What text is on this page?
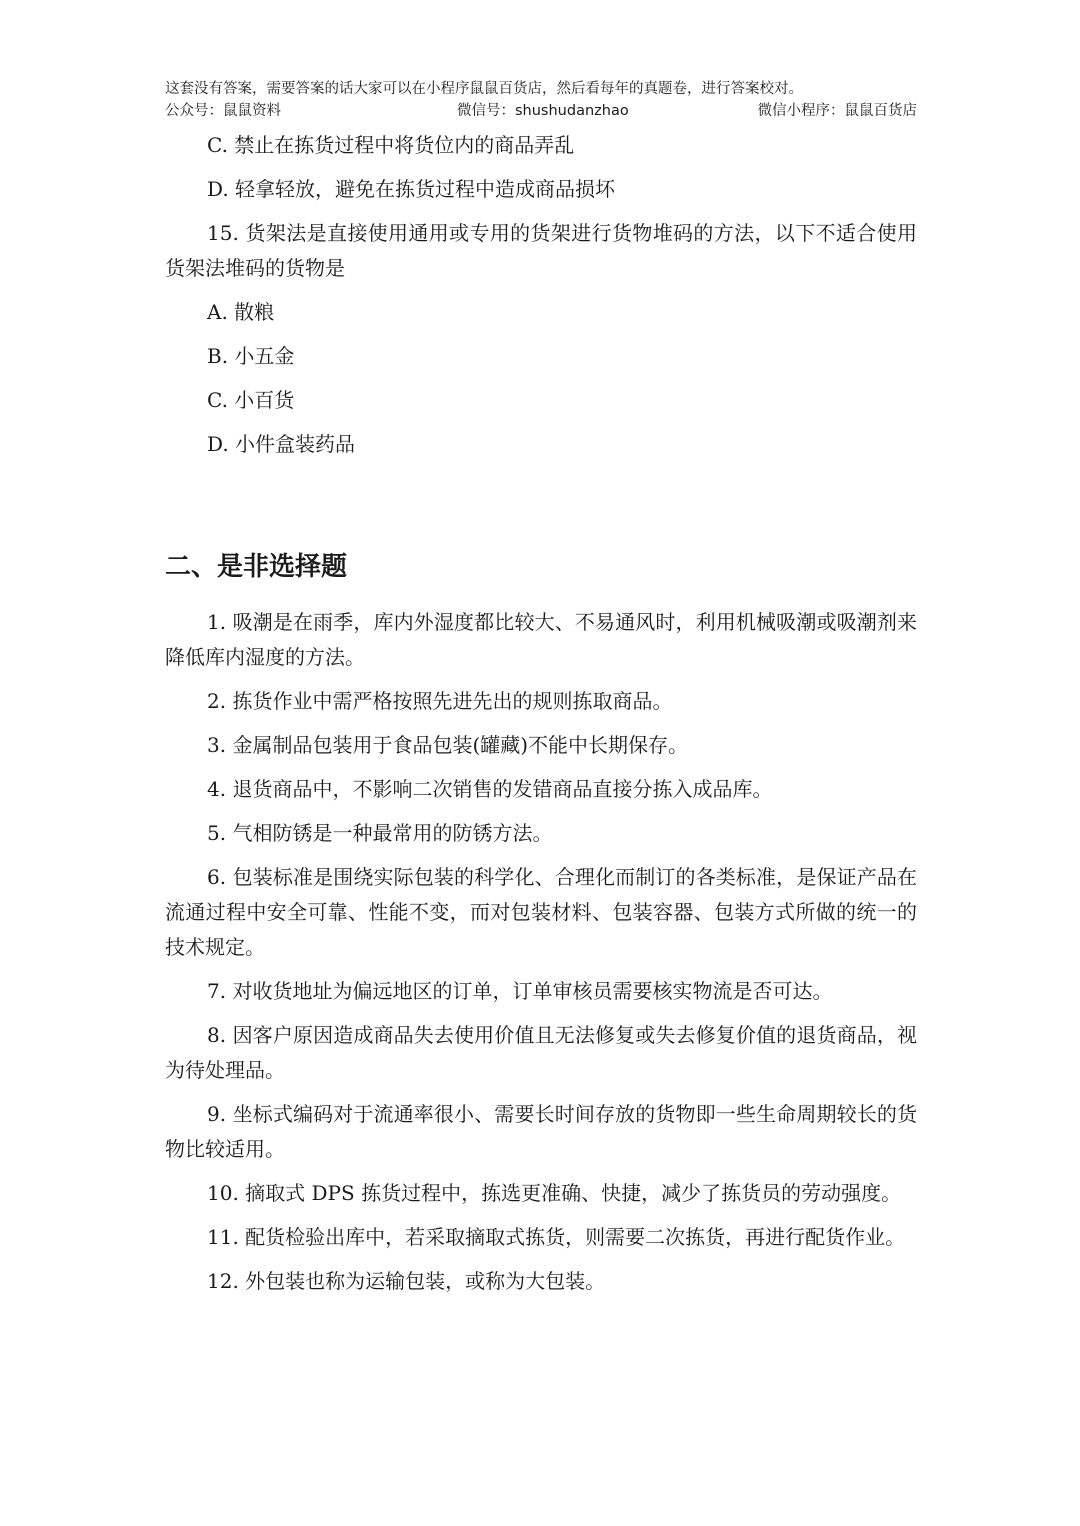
这套没有答案，需要答案的话大家可以在小程序鼠鼠百货店，然后看每年的真题卷，进行答案校对。
公众号：鼠鼠资料	微信号：shushudanzhao	微信小程序：鼠鼠百货店
C. 禁止在拣货过程中将货位内的商品弄乱
D. 轻拿轻放，避免在拣货过程中造成商品损坏
15. 货架法是直接使用通用或专用的货架进行货物堆码的方法，以下不适合使用货架法堆码的货物是
A. 散粮
B. 小五金
C. 小百货
D. 小件盒装药品
二、是非选择题
1. 吸潮是在雨季，库内外湿度都比较大、不易通风时，利用机械吸潮或吸潮剂来降低库内湿度的方法。
2. 拣货作业中需严格按照先进先出的规则拣取商品。
3. 金属制品包装用于食品包装(罐藏)不能中长期保存。
4. 退货商品中，不影响二次销售的发错商品直接分拣入成品库。
5. 气相防锈是一种最常用的防锈方法。
6. 包装标准是围绕实际包装的科学化、合理化而制订的各类标准，是保证产品在流通过程中安全可靠、性能不变，而对包装材料、包装容器、包装方式所做的统一的技术规定。
7. 对收货地址为偏远地区的订单，订单审核员需要核实物流是否可达。
8. 因客户原因造成商品失去使用价值且无法修复或失去修复价值的退货商品，视为待处理品。
9. 坐标式编码对于流通率很小、需要长时间存放的货物即一些生命周期较长的货物比较适用。
10. 摘取式 DPS 拣货过程中，拣选更准确、快捷，减少了拣货员的劳动强度。
11. 配货检验出库中，若采取摘取式拣货，则需要二次拣货，再进行配货作业。
12. 外包装也称为运输包装，或称为大包装。
